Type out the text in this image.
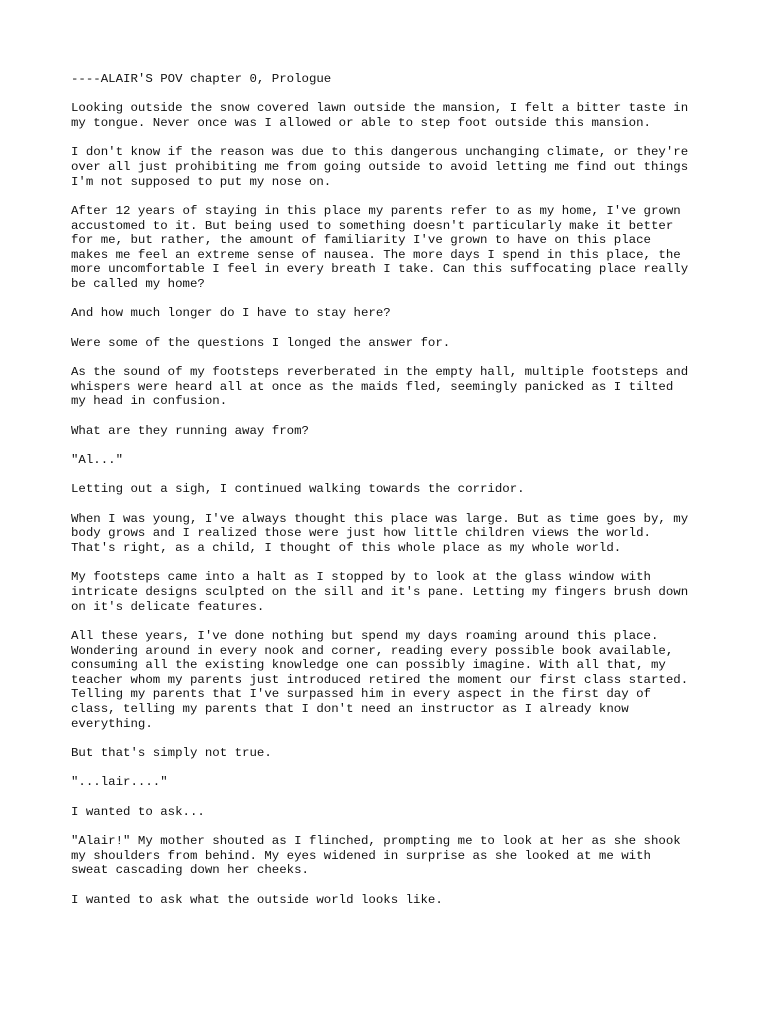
----ALAIR'S POV chapter 0, Prologue

Looking outside the snow covered lawn outside the mansion, I felt a bitter taste in
my tongue. Never once was I allowed or able to step foot outside this mansion.

I don't know if the reason was due to this dangerous unchanging climate, or they're
over all just prohibiting me from going outside to avoid letting me find out things
I'm not supposed to put my nose on.

After 12 years of staying in this place my parents refer to as my home, I've grown
accustomed to it. But being used to something doesn't particularly make it better
for me, but rather, the amount of familiarity I've grown to have on this place
makes me feel an extreme sense of nausea. The more days I spend in this place, the
more uncomfortable I feel in every breath I take. Can this suffocating place really
be called my home?

And how much longer do I have to stay here?

Were some of the questions I longed the answer for.

As the sound of my footsteps reverberated in the empty hall, multiple footsteps and
whispers were heard all at once as the maids fled, seemingly panicked as I tilted
my head in confusion.

What are they running away from?

"Al..."

Letting out a sigh, I continued walking towards the corridor.

When I was young, I've always thought this place was large. But as time goes by, my
body grows and I realized those were just how little children views the world.
That's right, as a child, I thought of this whole place as my whole world.

My footsteps came into a halt as I stopped by to look at the glass window with
intricate designs sculpted on the sill and it's pane. Letting my fingers brush down
on it's delicate features.

All these years, I've done nothing but spend my days roaming around this place.
Wondering around in every nook and corner, reading every possible book available,
consuming all the existing knowledge one can possibly imagine. With all that, my
teacher whom my parents just introduced retired the moment our first class started.
Telling my parents that I've surpassed him in every aspect in the first day of
class, telling my parents that I don't need an instructor as I already know
everything.

But that's simply not true.

"...lair...."

I wanted to ask...

"Alair!" My mother shouted as I flinched, prompting me to look at her as she shook
my shoulders from behind. My eyes widened in surprise as she looked at me with
sweat cascading down her cheeks.

I wanted to ask what the outside world looks like.
